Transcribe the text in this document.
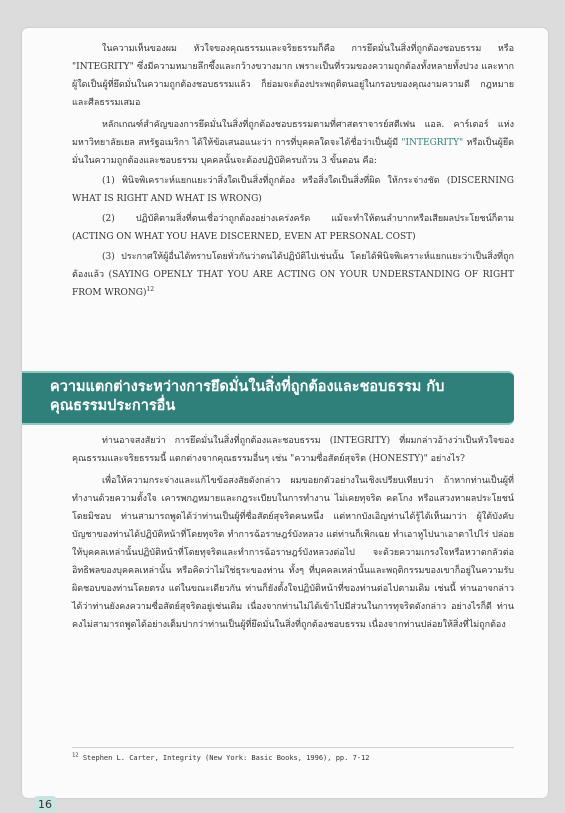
ในความเห็นของผม หัวใจของคุณธรรมและจริยธรรมก็คือ การยึดมั่นในสิ่งที่ถูกต้องชอบธรรม หรือ "INTEGRITY" ซึ่งมีความหมายลึกซึ้งและกว้างขวางมาก เพราะเป็นที่รวมของความถูกต้องทั้งหลายทั้งปวง และหากผู้ใดเป็นผู้ที่ยึดมั่นในความถูกต้องชอบธรรมแล้ว ก็ย่อมจะต้องประพฤติตนอยู่ในกรอบของคุณงามความดี กฎหมายและศีลธรรมเสมอ

หลักเกณฑ์สำคัญของการยึดมั่นในสิ่งที่ถูกต้องชอบธรรมตามที่ศาสตราจารย์สตีเฟน แอล. คาร์เตอร์ แห่งมหาวิทยาลัยเยล สหรัฐอเมริกา ได้ให้ข้อเสนอแนะว่า การที่บุคคลใดจะได้ชื่อว่าเป็นผู้มี "INTEGRITY" หรือเป็นผู้ยึดมั่นในความถูกต้องและชอบธรรม บุคคลนั้นจะต้องปฏิบัติครบถ้วน 3 ขั้นตอน คือ:

(1) พินิจพิเคราะห์แยกแยะว่าสิ่งใดเป็นสิ่งที่ถูกต้อง หรือสิ่งใดเป็นสิ่งที่ผิด ให้กระจ่างชัด (DISCERNING WHAT IS RIGHT AND WHAT IS WRONG)

(2) ปฏิบัติตามสิ่งที่ตนเชื่อว่าถูกต้องอย่างเคร่งครัด แม้จะทำให้ตนลำบากหรือเสียผลประโยชน์ก็ตาม (ACTING ON WHAT YOU HAVE DISCERNED, EVEN AT PERSONAL COST)

(3) ประกาศให้ผู้อื่นได้ทราบโดยทั่วกันว่าตนได้ปฏิบัติไปเช่นนั้น โดยได้พินิจพิเคราะห์แยกแยะว่าเป็นสิ่งที่ถูกต้องแล้ว (SAYING OPENLY THAT YOU ARE ACTING ON YOUR UNDERSTANDING OF RIGHT FROM WRONG)$^{12}$

ความแตกต่างระหว่างการยึดมั่นในสิ่งที่ถูกต้องและชอบธรรม กับคุณธรรมประการอื่น

ท่านอาจสงสัยว่า การยึดมั่นในสิ่งที่ถูกต้องและชอบธรรม (INTEGRITY) ที่ผมกล่าวอ้างว่าเป็นหัวใจของคุณธรรมและจริยธรรมนี้ แตกต่างจากคุณธรรมอื่นๆ เช่น "ความซื่อสัตย์สุจริต (HONESTY)" อย่างไร?

เพื่อให้ความกระจ่างและแก้ไขข้อสงสัยดังกล่าว ผมขอยกตัวอย่างในเชิงเปรียบเทียบว่า ถ้าหากท่านเป็นผู้ที่ทำงานด้วยความตั้งใจ เคารพกฎหมายและกฎระเบียบในการทำงาน ไม่เคยทุจริต คดโกง หรือแสวงหาผลประโยชน์โดยมิชอบ ท่านสามารถพูดได้ว่าท่านเป็นผู้ที่ซื่อสัตย์สุจริตคนหนึ่ง แต่หากบังเอิญท่านได้รู้ได้เห็นมาว่า ผู้ใต้บังคับบัญชาของท่านได้ปฏิบัติหน้าที่โดยทุจริต ทำการฉ้อราษฎร์บังหลวง แต่ท่านก็เพิกเฉย ทำเอาหูไปนาเอาตาไปไร่ ปล่อยให้บุคคลเหล่านั้นปฏิบัติหน้าที่โดยทุจริตและทำการฉ้อราษฎร์บังหลวงต่อไป จะด้วยความเกรงใจหรือหวาดกลัวต่ออิทธิพลของบุคคลเหล่านั้น หรือคิดว่าไม่ใช่ธุระของท่าน ทั้งๆ ที่บุคคลเหล่านั้นและพฤติกรรมของเขาก็อยู่ในความรับผิดชอบของท่านโดยตรง แต่ในขณะเดียวกัน ท่านก็ยังตั้งใจปฏิบัติหน้าที่ของท่านต่อไปตามเดิม เช่นนี้ ท่านอาจกล่าวได้ว่าท่านยังคงความซื่อสัตย์สุจริตอยู่เช่นเดิม เนื่องจากท่านไม่ได้เข้าไปมีส่วนในการทุจริตดังกล่าว อย่างไรก็ดี ท่านคงไม่สามารถพูดได้อย่างเต็มปากว่าท่านเป็นผู้ที่ยึดมั่นในสิ่งที่ถูกต้องชอบธรรม เนื่องจากท่านปล่อยให้สิ่งที่ไม่ถูกต้อง

$^{12}$ Stephen L. Carter, Integrity (New York: Basic Books, 1996), pp. 7-12
16
